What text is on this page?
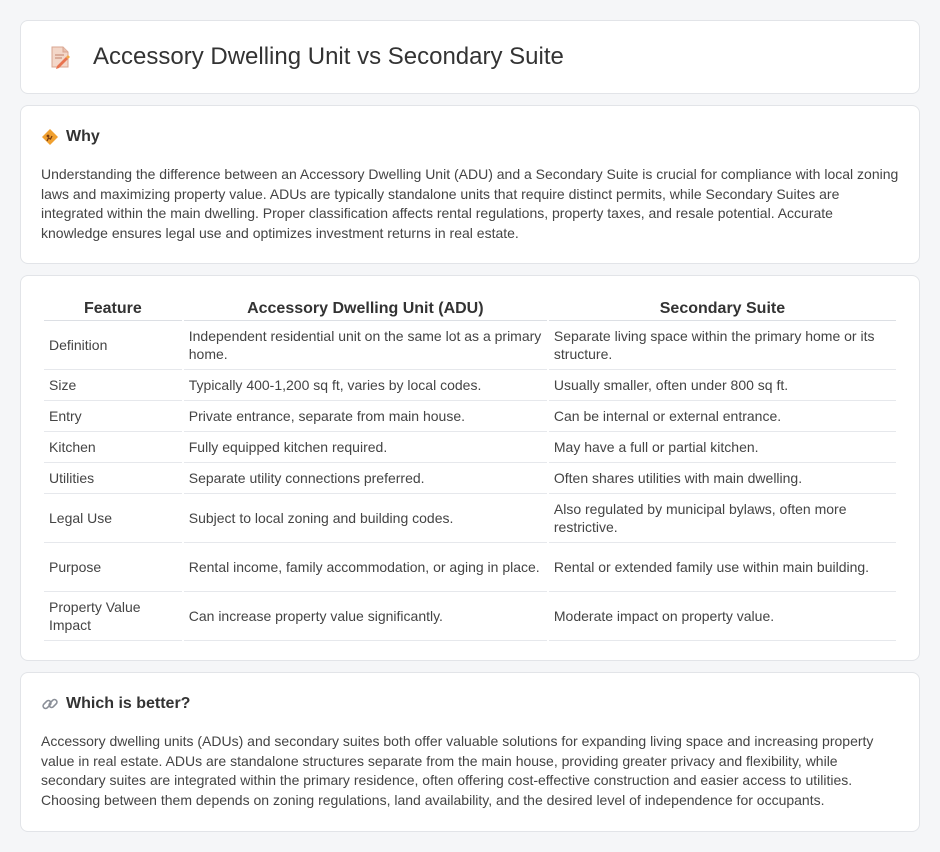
Accessory Dwelling Unit vs Secondary Suite
Why

Understanding the difference between an Accessory Dwelling Unit (ADU) and a Secondary Suite is crucial for compliance with local zoning laws and maximizing property value. ADUs are typically standalone units that require distinct permits, while Secondary Suites are integrated within the main dwelling. Proper classification affects rental regulations, property taxes, and resale potential. Accurate knowledge ensures legal use and optimizes investment returns in real estate.

Feature	Accessory Dwelling Unit (ADU)	Secondary Suite
Definition	Independent residential unit on the same lot as a primary home.	Separate living space within the primary home or its structure.
Size	Typically 400-1,200 sq ft, varies by local codes.	Usually smaller, often under 800 sq ft.
Entry	Private entrance, separate from main house.	Can be internal or external entrance.
Kitchen	Fully equipped kitchen required.	May have a full or partial kitchen.
Utilities	Separate utility connections preferred.	Often shares utilities with main dwelling.
Legal Use	Subject to local zoning and building codes.	Also regulated by municipal bylaws, often more restrictive.
Purpose	Rental income, family accommodation, or aging in place.	Rental or extended family use within main building.
Property Value Impact	Can increase property value significantly.	Moderate impact on property value.
Which is better?

Accessory dwelling units (ADUs) and secondary suites both offer valuable solutions for expanding living space and increasing property value in real estate. ADUs are standalone structures separate from the main house, providing greater privacy and flexibility, while secondary suites are integrated within the primary residence, often offering cost-effective construction and easier access to utilities. Choosing between them depends on zoning regulations, land availability, and the desired level of independence for occupants.
